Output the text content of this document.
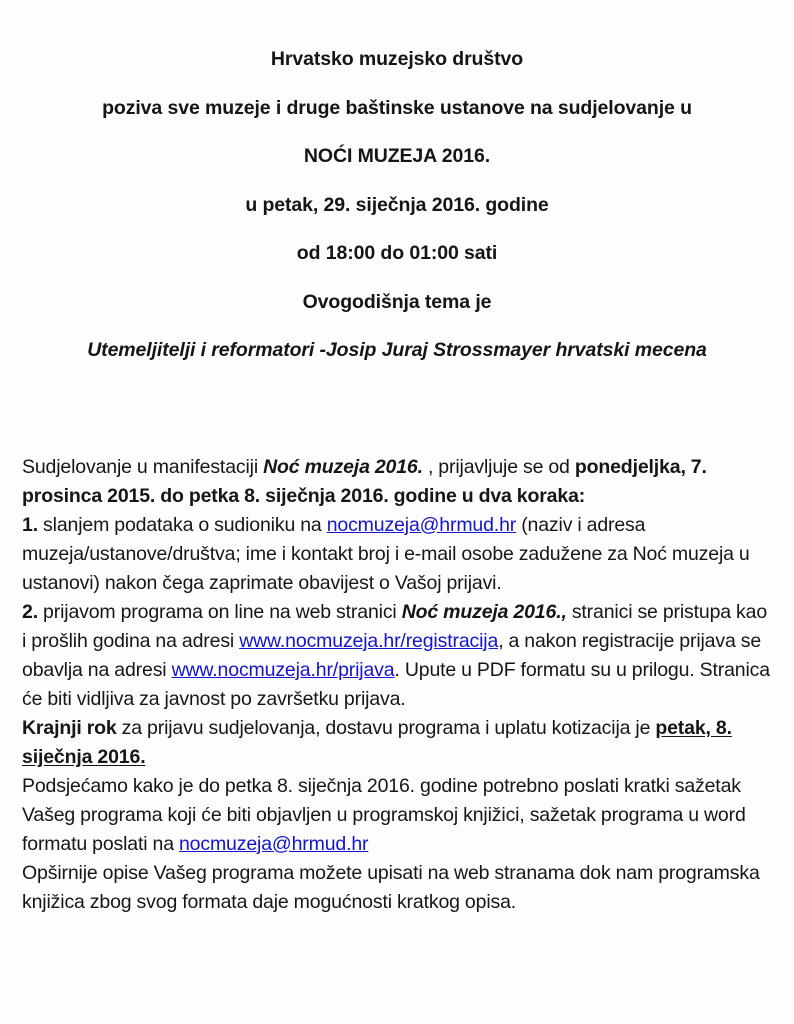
Hrvatsko muzejsko društvo

poziva sve muzeje i druge baštinske ustanove na sudjelovanje u

NOĆI MUZEJA 2016.

u petak, 29. siječnja 2016. godine

od 18:00 do 01:00 sati

Ovogodišnja tema je

Utemeljitelji i reformatori -Josip Juraj Strossmayer hrvatski mecena

Sudjelovanje u manifestaciji Noć muzeja 2016. , prijavljuje se od ponedjeljka, 7. prosinca 2015. do petka 8. siječnja 2016. godine u dva koraka:

1. slanjem podataka o sudioniku na nocmuzeja@hrmud.hr (naziv i adresa muzeja/ustanove/društva; ime i kontakt broj i e-mail osobe zadužene za Noć muzeja u ustanovi) nakon čega zaprimate obavijest o Vašoj prijavi.

2. prijavom programa on line na web stranici Noć muzeja 2016., stranici se pristupa kao i prošlih godina na adresi www.nocmuzeja.hr/registracija, a nakon registracije prijava se obavlja na adresi www.nocmuzeja.hr/prijava. Upute u PDF formatu su u prilogu. Stranica će biti vidljiva za javnost po završetku prijava.

Krajnji rok za prijavu sudjelovanja, dostavu programa i uplatu kotizacija je petak, 8. siječnja 2016.

Podsjećamo kako je do petka 8. siječnja 2016. godine potrebno poslati kratki sažetak Vašeg programa koji će biti objavljen u programskoj knjižici, sažetak programa u word formatu poslati na nocmuzeja@hrmud.hr

Opširnije opise Vašeg programa možete upisati na web stranama dok nam programska knjižica zbog svog formata daje mogućnosti kratkog opisa.
